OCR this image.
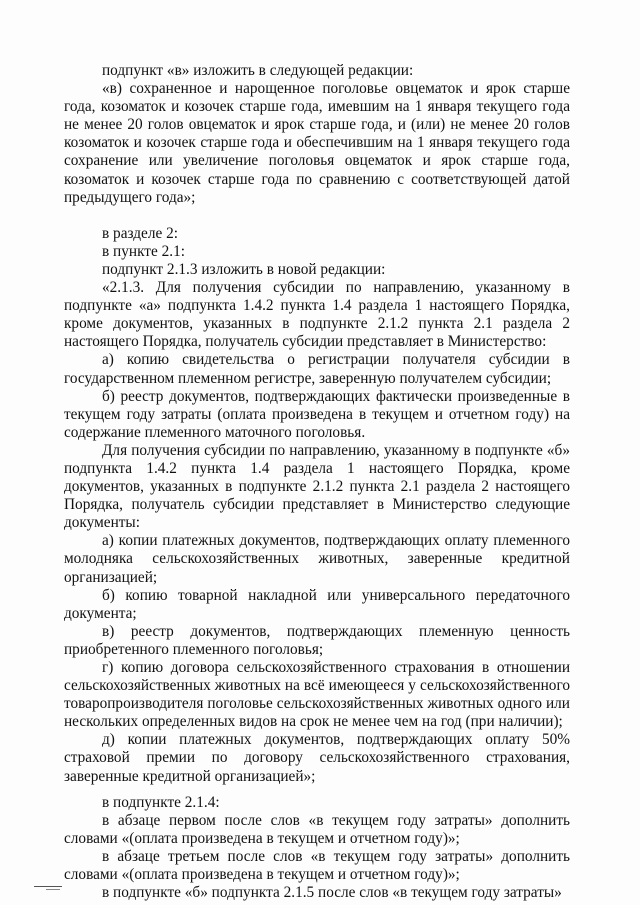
подпункт «в» изложить в следующей редакции:

«в) сохраненное и нарощенное поголовье овцематок и ярок старше года, козоматок и козочек старше года, имевшим на 1 января текущего года не менее 20 голов овцематок и ярок старше года, и (или) не менее 20 голов козоматок и козочек старше года и обеспечившим на 1 января текущего года сохранение или увеличение поголовья овцематок и ярок старше года, козоматок и козочек старше года по сравнению с соответствующей датой предыдущего года»;

в разделе 2:

в пункте 2.1:

подпункт 2.1.3 изложить в новой редакции:

«2.1.3. Для получения субсидии по направлению, указанному в подпункте «а» подпункта 1.4.2 пункта 1.4 раздела 1 настоящего Порядка, кроме документов, указанных в подпункте 2.1.2 пункта 2.1 раздела 2 настоящего Порядка, получатель субсидии представляет в Министерство:

а) копию свидетельства о регистрации получателя субсидии в государственном племенном регистре, заверенную получателем субсидии;

б) реестр документов, подтверждающих фактически произведенные в текущем году затраты (оплата произведена в текущем и отчетном году) на содержание племенного маточного поголовья.

Для получения субсидии по направлению, указанному в подпункте «б» подпункта 1.4.2 пункта 1.4 раздела 1 настоящего Порядка, кроме документов, указанных в подпункте 2.1.2 пункта 2.1 раздела 2 настоящего Порядка, получатель субсидии представляет в Министерство следующие документы:

а) копии платежных документов, подтверждающих оплату племенного молодняка сельскохозяйственных животных, заверенные кредитной организацией;

б) копию товарной накладной или универсального передаточного документа;

в) реестр документов, подтверждающих племенную ценность приобретенного племенного поголовья;

г) копию договора сельскохозяйственного страхования в отношении сельскохозяйственных животных на всё имеющееся у сельскохозяйственного товаропроизводителя поголовье сельскохозяйственных животных одного или нескольких определенных видов на срок не менее чем на год (при наличии);

д) копии платежных документов, подтверждающих оплату 50% страховой премии по договору сельскохозяйственного страхования, заверенные кредитной организацией»;

в подпункте 2.1.4:

в абзаце первом после слов «в текущем году затраты» дополнить словами «(оплата произведена в текущем и отчетном году)»;

в абзаце третьем после слов «в текущем году затраты» дополнить словами «(оплата произведена в текущем и отчетном году)»;

в подпункте «б» подпункта 2.1.5 после слов «в текущем году затраты»
